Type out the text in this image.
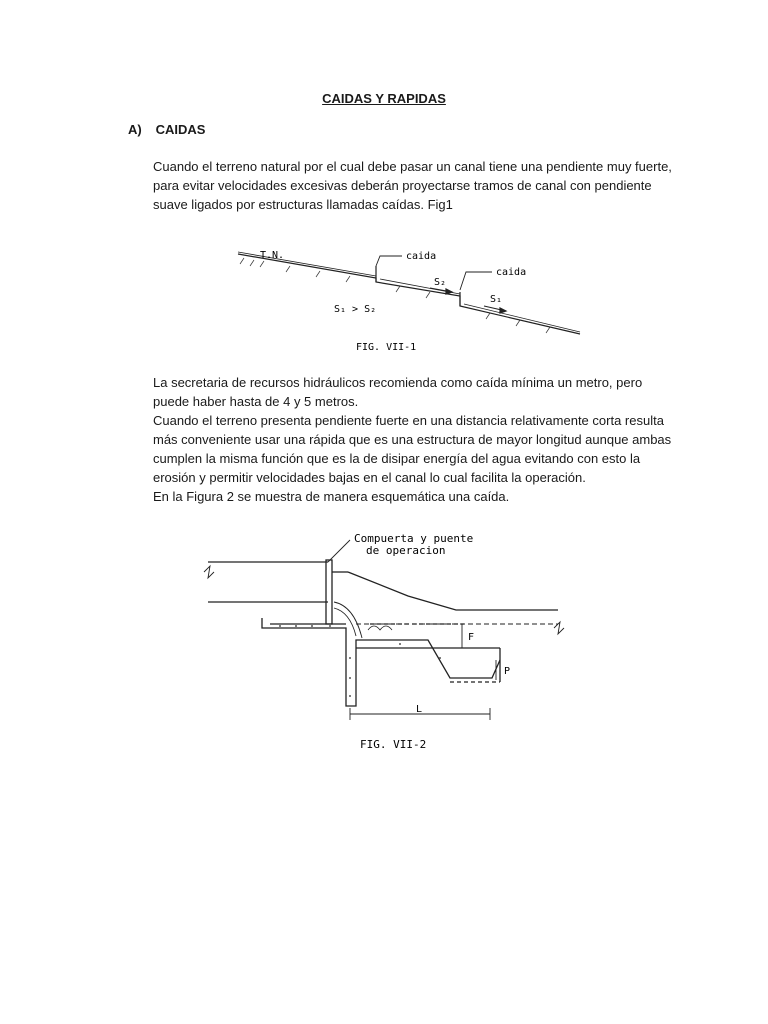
CAIDAS Y RAPIDAS
A) CAIDAS

Cuando el terreno natural por el cual debe pasar un canal tiene una pendiente muy fuerte, para evitar velocidades excesivas deberán proyectarse tramos de canal con pendiente suave ligados por estructuras llamadas caídas. Fig1

T.N.	caida
caida
S₂
S₁
S₁ > S₂
FIG. VII-1
La secretaria de recursos hidráulicos recomienda como caída mínima un metro, pero puede haber hasta de 4 y 5 metros.
Cuando el terreno presenta pendiente fuerte en una distancia relativamente corta resulta más conveniente usar una rápida que es una estructura de mayor longitud aunque ambas cumplen la misma función que es la de disipar energía del agua evitando con esto la erosión y permitir velocidades bajas en el canal lo cual facilita la operación.
En la Figura 2 se muestra de manera esquemática una caída.
Compuerta y puente
de operacion
F
P
L
FIG. VII-2
